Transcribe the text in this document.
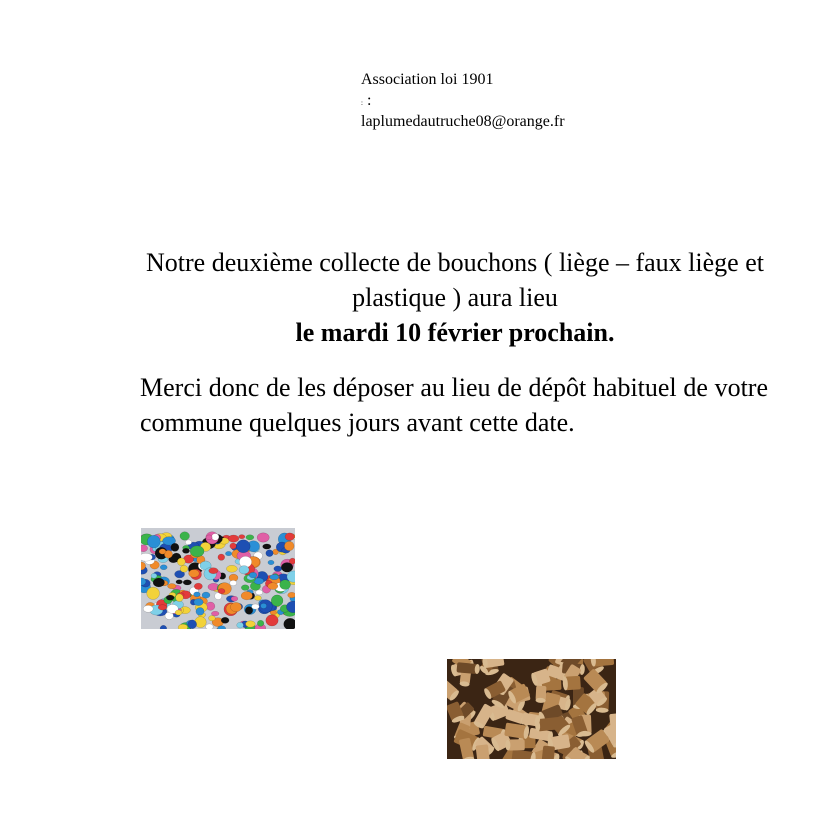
Association loi 1901
: :
laplumedautruche08@orange.fr
Notre deuxième collecte de bouchons ( liège – faux liège et plastique ) aura lieu
le mardi 10 février prochain.
Merci donc de les déposer au lieu de dépôt habituel de votre commune quelques jours avant cette date.
